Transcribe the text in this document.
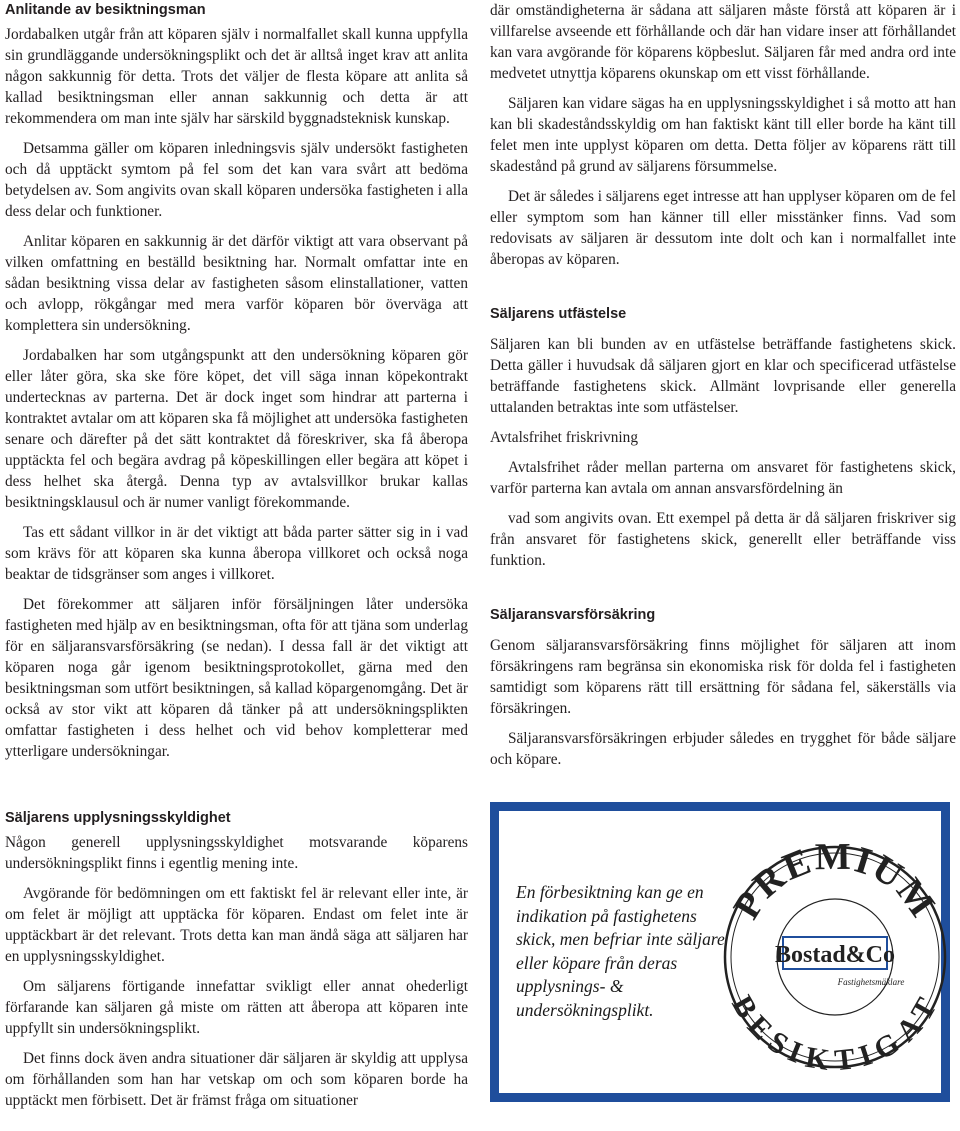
Anlitande av besiktningsman

Jordabalken utgår från att köparen själv i normalfallet skall kunna uppfylla sin grundläggande undersökningsplikt och det är alltså inget krav att anlita någon sakkunnig för detta. Trots det väljer de flesta köpare att anlita så kallad besiktningsman eller annan sakkunnig och detta är att rekommendera om man inte själv har särskild byggnadsteknisk kunskap.

Detsamma gäller om köparen inledningsvis själv undersökt fastigheten och då upptäckt symtom på fel som det kan vara svårt att bedöma betydelsen av. Som angivits ovan skall köparen undersöka fastigheten i alla dess delar och funktioner.

Anlitar köparen en sakkunnig är det därför viktigt att vara observant på vilken omfattning en beställd besiktning har. Normalt omfattar inte en sådan besiktning vissa delar av fastigheten såsom elinstallationer, vatten och avlopp, rökgångar med mera varför köparen bör överväga att komplettera sin undersökning.

Jordabalken har som utgångspunkt att den undersökning köparen gör eller låter göra, ska ske före köpet, det vill säga innan köpekontrakt undertecknas av parterna. Det är dock inget som hindrar att parterna i kontraktet avtalar om att köparen ska få möjlighet att undersöka fastigheten senare och därefter på det sätt kontraktet då föreskriver, ska få åberopa upptäckta fel och begära avdrag på köpeskillingen eller begära att köpet i dess helhet ska återgå. Denna typ av avtalsvillkor brukar kallas besiktningsklausul och är numer vanligt förekommande.

Tas ett sådant villkor in är det viktigt att båda parter sätter sig in i vad som krävs för att köparen ska kunna åberopa villkoret och också noga beaktar de tidsgränser som anges i villkoret.

Det förekommer att säljaren inför försäljningen låter undersöka fastigheten med hjälp av en besiktningsman, ofta för att tjäna som underlag för en säljaransvarsförsäkring (se nedan). I dessa fall är det viktigt att köparen noga går igenom besiktningsprotokollet, gärna med den besiktningsman som utfört besiktningen, så kallad köpargenomgång. Det är också av stor vikt att köparen då tänker på att undersökningsplikten omfattar fastigheten i dess helhet och vid behov kompletterar med ytterligare undersökningar.

Säljarens upplysningsskyldighet

Någon generell upplysningsskyldighet motsvarande köparens undersökningsplikt finns i egentlig mening inte.

Avgörande för bedömningen om ett faktiskt fel är relevant eller inte, är om felet är möjligt att upptäcka för köparen. Endast om felet inte är upptäckbart är det relevant. Trots detta kan man ändå säga att säljaren har en upplysningsskyldighet.

Om säljarens förtigande innefattar svikligt eller annat ohederligt förfarande kan säljaren gå miste om rätten att åberopa att köparen inte uppfyllt sin undersökningsplikt.

Det finns dock även andra situationer där säljaren är skyldig att upplysa om förhållanden som han har vetskap om och som köparen borde ha upptäckt men förbisett. Det är främst fråga om situationer

där omständigheterna är sådana att säljaren måste förstå att köparen är i villfarelse avseende ett förhållande och där han vidare inser att förhållandet kan vara avgörande för köparens köpbeslut. Säljaren får med andra ord inte medvetet utnyttja köparens okunskap om ett visst förhållande.

Säljaren kan vidare sägas ha en upplysningsskyldighet i så motto att han kan bli skadeståndsskyldig om han faktiskt känt till eller borde ha känt till felet men inte upplyst köparen om detta. Detta följer av köparens rätt till skadestånd på grund av säljarens försummelse.

Det är således i säljarens eget intresse att han upplyser köparen om de fel eller symptom som han känner till eller misstänker finns. Vad som redovisats av säljaren är dessutom inte dolt och kan i normalfallet inte åberopas av köparen.

Säljarens utfästelse

Säljaren kan bli bunden av en utfästelse beträffande fastighetens skick. Detta gäller i huvudsak då säljaren gjort en klar och specificerad utfästelse beträffande fastighetens skick. Allmänt lovprisande eller generella uttalanden betraktas inte som utfästelser.

Avtalsfrihet friskrivning

Avtalsfrihet råder mellan parterna om ansvaret för fastighetens skick, varför parterna kan avtala om annan ansvarsfördelning än

vad som angivits ovan. Ett exempel på detta är då säljaren friskriver sig från ansvaret för fastighetens skick, generellt eller beträffande viss funktion.

Säljaransvarsförsäkring

Genom säljaransvarsförsäkring finns möjlighet för säljaren att inom försäkringens ram begränsa sin ekonomiska risk för dolda fel i fastigheten samtidigt som köparens rätt till ersättning för sådana fel, säkerställs via försäkringen.

Säljaransvarsförsäkringen erbjuder således en trygghet för både säljare och köpare.

En förbesiktning kan ge en indikation på fastighetens skick, men befriar inte säljare eller köpare från deras upplysnings- & undersökningsplikt.
PREMIUM
BESIKTIGAT
Bostad&Co
Fastighetsmäklare
